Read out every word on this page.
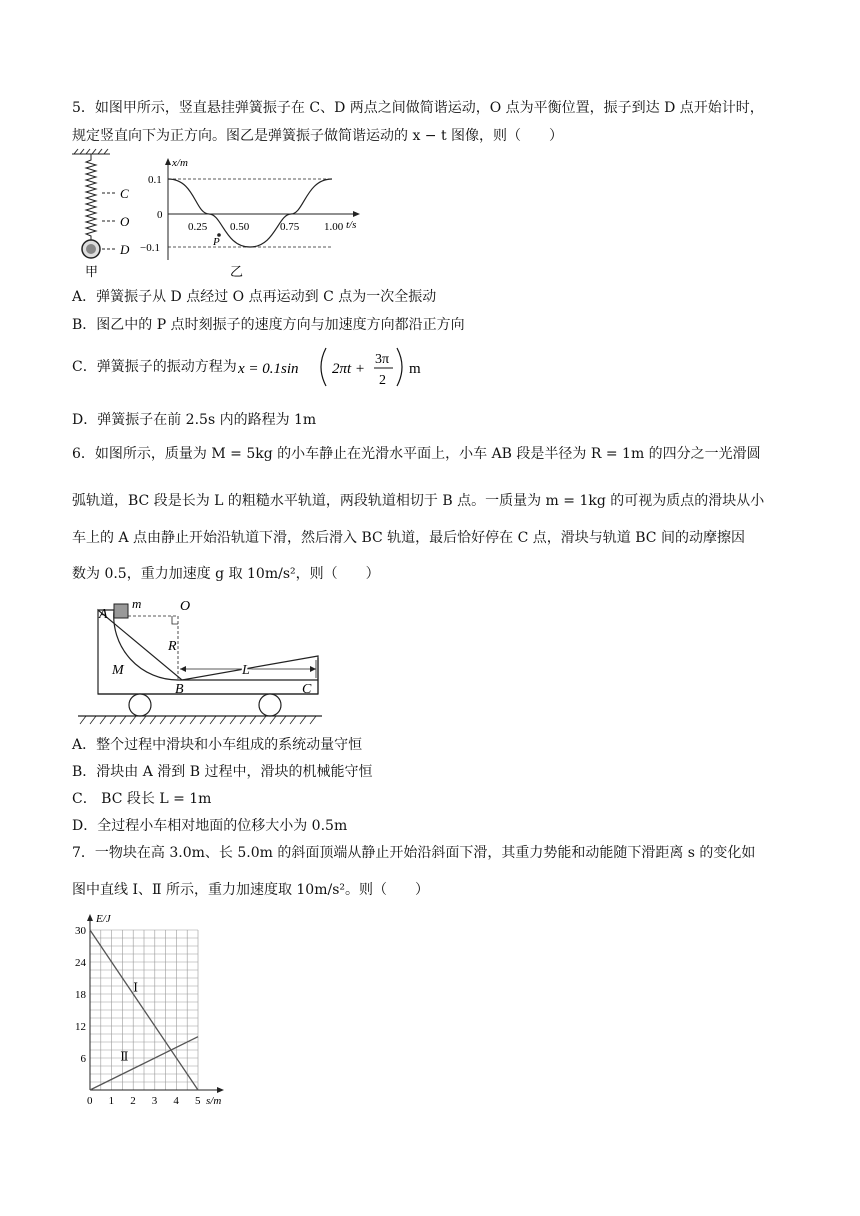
5．如图甲所示，竖直悬挂弹簧振子在 C、D 两点之间做简谐运动，O 点为平衡位置，振子到达 D 点开始计时，
规定竖直向下为正方向。图乙是弹簧振子做简谐运动的 x − t 图像，则（　　）
C
O
D
甲
x/m
t/s
0.1
0
−0.1
0.25 0.50	0.75 1.00
P
乙
A．弹簧振子从 D 点经过 O 点再运动到 C 点为一次全振动
B．图乙中的 P 点时刻振子的速度方向与加速度方向都沿正方向
C．弹簧振子的振动方程为 x = 0.1sin 2πt +
3π
2
m
D．弹簧振子在前 2.5s 内的路程为 1m
6．如图所示，质量为 M = 5kg 的小车静止在光滑水平面上，小车 AB 段是半径为 R = 1m 的四分之一光滑圆
弧轨道，BC 段是长为 L 的粗糙水平轨道，两段轨道相切于 B 点。一质量为 m = 1kg 的可视为质点的滑块从小
车上的 A 点由静止开始沿轨道下滑，然后滑入 BC 轨道，最后恰好停在 C 点，滑块与轨道 BC 间的动摩擦因
数为 0.5，重力加速度 g 取 10m/s²，则（　　）
A
m	O
R
M	L
B	C
A．整个过程中滑块和小车组成的系统动量守恒
B．滑块由 A 滑到 B 过程中，滑块的机械能守恒
C． BC 段长 L = 1m
D．全过程小车相对地面的位移大小为 0.5m
7．一物块在高 3.0m、长 5.0m 的斜面顶端从静止开始沿斜面下滑，其重力势能和动能随下滑距离 s 的变化如
图中直线 Ⅰ、Ⅱ 所示，重力加速度取 10m/s²。则（　　）
Ⅰ
Ⅱ
0 1 2 3 4 5
30
24
18
12
6
s/m
E/J
